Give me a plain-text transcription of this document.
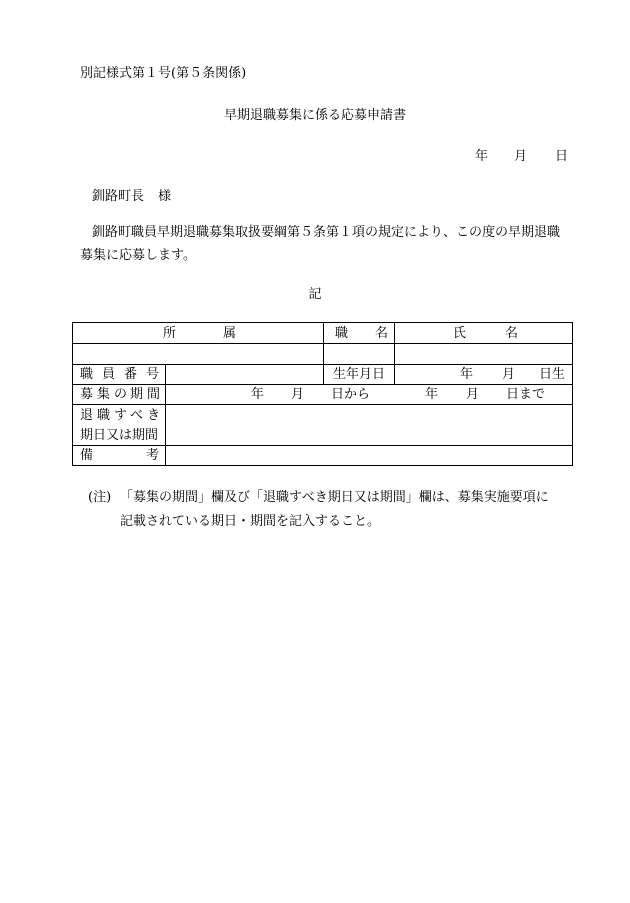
別記様式第１号(第５条関係)
早期退職募集に係る応募申請書
年 月 日
釧路町長 様
釧路町職員早期退職募集取扱要綱第５条第１項の規定により、この度の早期退職
募集に応募します。
記
所	属	職 名	氏	名
職 員 番 号	生年月日	年 月 日生
募 集 の 期 間	年 月 日から	年 月 日まで
退 職 す べ き
期日又は期間
備	考
(注) 「募集の期間」欄及び「退職すべき期日又は期間」欄は、募集実施要項に
記載されている期日・期間を記入すること。
